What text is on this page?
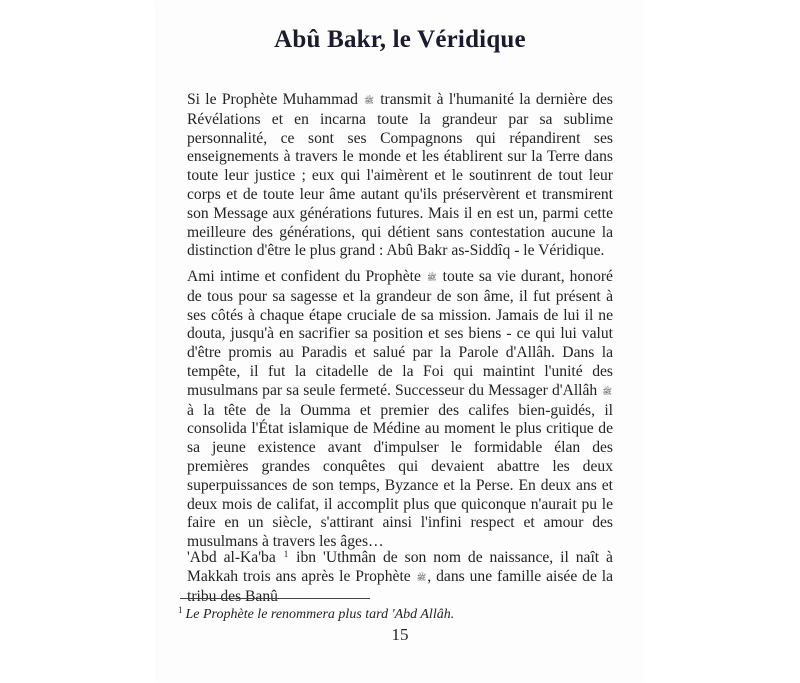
Abû Bakr, le Véridique

Si le Prophète Muhammad ﷺ transmit à l'humanité la dernière des Révélations et en incarna toute la grandeur par sa sublime personnalité, ce sont ses Compagnons qui répandirent ses enseignements à travers le monde et les établirent sur la Terre dans toute leur justice ; eux qui l'aimèrent et le soutinrent de tout leur corps et de toute leur âme autant qu'ils préservèrent et transmirent son Message aux générations futures. Mais il en est un, parmi cette meilleure des générations, qui détient sans contestation aucune la distinction d'être le plus grand : Abû Bakr as-Siddîq - le Véridique.

Ami intime et confident du Prophète ﷺ toute sa vie durant, honoré de tous pour sa sagesse et la grandeur de son âme, il fut présent à ses côtés à chaque étape cruciale de sa mission. Jamais de lui il ne douta, jusqu'à en sacrifier sa position et ses biens - ce qui lui valut d'être promis au Paradis et salué par la Parole d'Allâh. Dans la tempête, il fut la citadelle de la Foi qui maintint l'unité des musulmans par sa seule fermeté. Successeur du Messager d'Allâh ﷺ à la tête de la Oumma et premier des califes bien-guidés, il consolida l'État islamique de Médine au moment le plus critique de sa jeune existence avant d'impulser le formidable élan des premières grandes conquêtes qui devaient abattre les deux superpuissances de son temps, Byzance et la Perse. En deux ans et deux mois de califat, il accomplit plus que quiconque n'aurait pu le faire en un siècle, s'attirant ainsi l'infini respect et amour des musulmans à travers les âges…

'Abd al-Ka'ba $^1$ ibn 'Uthmân de son nom de naissance, il naît à Makkah trois ans après le Prophète ﷺ, dans une famille aisée de la tribu des Banû

$^1$ Le Prophète le renommera plus tard 'Abd Allâh.

15
